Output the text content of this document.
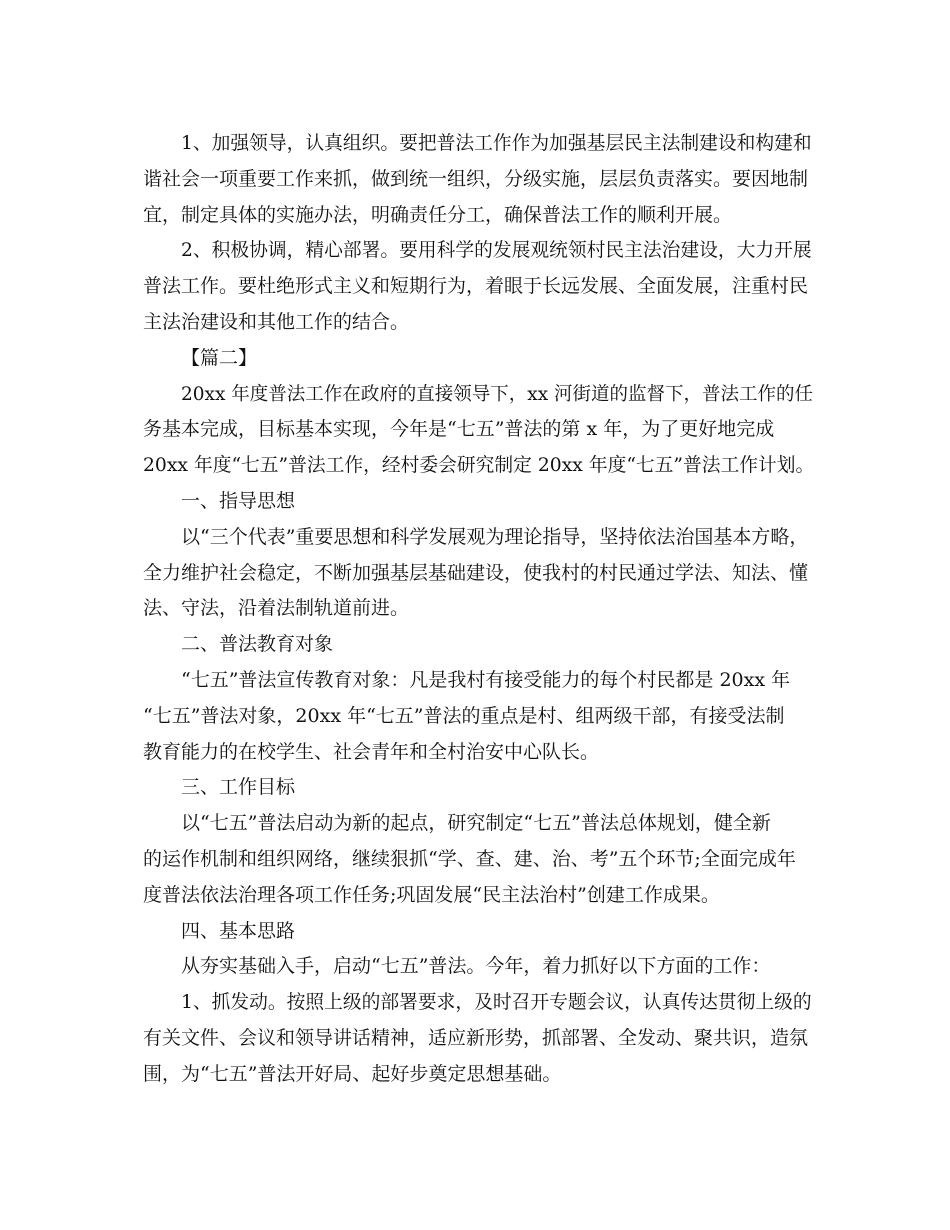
1、加强领导，认真组织。要把普法工作作为加强基层民主法制建设和构建和
谐社会一项重要工作来抓，做到统一组织，分级实施，层层负责落实。要因地制
宜，制定具体的实施办法，明确责任分工，确保普法工作的顺利开展。
2、积极协调，精心部署。要用科学的发展观统领村民主法治建设，大力开展
普法工作。要杜绝形式主义和短期行为，着眼于长远发展、全面发展，注重村民
主法治建设和其他工作的结合。
【篇二】
20xx 年度普法工作在政府的直接领导下，xx 河街道的监督下，普法工作的任
务基本完成，目标基本实现，今年是“七五”普法的第 x 年，为了更好地完成
20xx 年度“七五”普法工作，经村委会研究制定 20xx 年度“七五”普法工作计划。
一、指导思想
以“三个代表”重要思想和科学发展观为理论指导，坚持依法治国基本方略，
全力维护社会稳定，不断加强基层基础建设，使我村的村民通过学法、知法、懂
法、守法，沿着法制轨道前进。
二、普法教育对象
“七五”普法宣传教育对象：凡是我村有接受能力的每个村民都是 20xx 年
“七五”普法对象，20xx 年“七五”普法的重点是村、组两级干部，有接受法制
教育能力的在校学生、社会青年和全村治安中心队长。
三、工作目标
以“七五”普法启动为新的起点，研究制定“七五”普法总体规划，健全新
的运作机制和组织网络，继续狠抓“学、查、建、治、考”五个环节;全面完成年
度普法依法治理各项工作任务;巩固发展“民主法治村”创建工作成果。
四、基本思路
从夯实基础入手，启动“七五”普法。今年，着力抓好以下方面的工作：
1、抓发动。按照上级的部署要求，及时召开专题会议，认真传达贯彻上级的
有关文件、会议和领导讲话精神，适应新形势，抓部署、全发动、聚共识，造氛
围，为“七五”普法开好局、起好步奠定思想基础。
